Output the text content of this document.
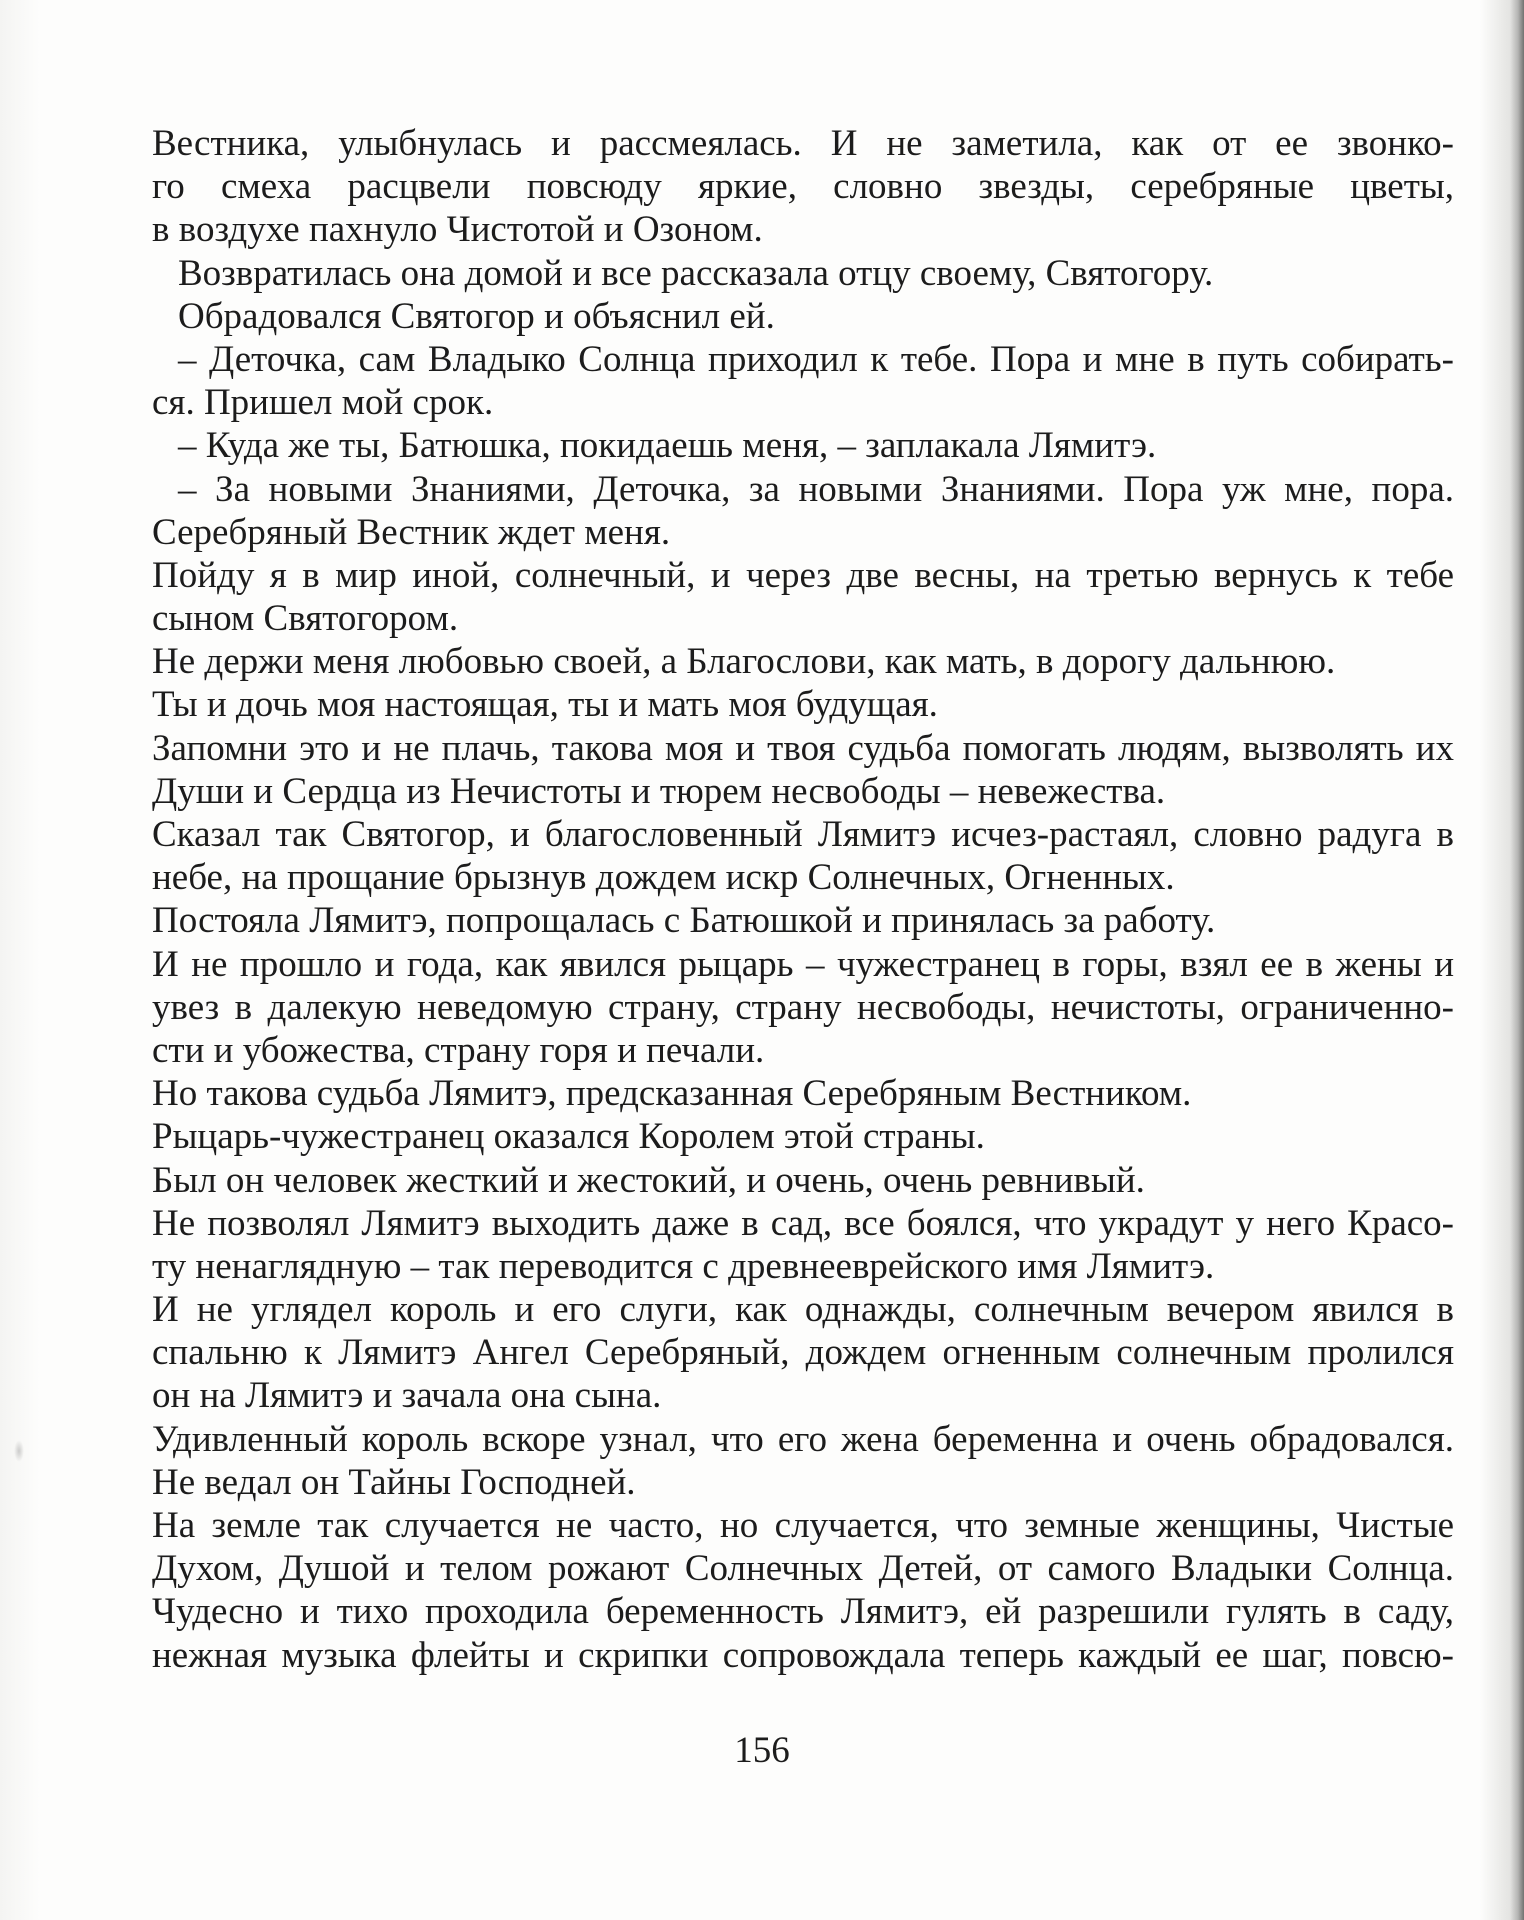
Вестника, улыбнулась и рассмеялась. И не заметила, как от ее звонко-
го смеха расцвели повсюду яркие, словно звезды, серебряные цветы,
в воздухе пахнуло Чистотой и Озоном.
Возвратилась она домой и все рассказала отцу своему, Святогору.
Обрадовался Святогор и объяснил ей.
– Деточка, сам Владыко Солнца приходил к тебе. Пора и мне в путь собирать-
ся. Пришел мой срок.
– Куда же ты, Батюшка, покидаешь меня, – заплакала Лямитэ.
– За новыми Знаниями, Деточка, за новыми Знаниями. Пора уж мне, пора.
Серебряный Вестник ждет меня.
Пойду я в мир иной, солнечный, и через две весны, на третью вернусь к тебе
сыном Святогором.
Не держи меня любовью своей, а Благослови, как мать, в дорогу дальнюю.
Ты и дочь моя настоящая, ты и мать моя будущая.
Запомни это и не плачь, такова моя и твоя судьба помогать людям, вызволять их
Души и Сердца из Нечистоты и тюрем несвободы – невежества.
Сказал так Святогор, и благословенный Лямитэ исчез-растаял, словно радуга в
небе, на прощание брызнув дождем искр Солнечных, Огненных.
Постояла Лямитэ, попрощалась с Батюшкой и принялась за работу.
И не прошло и года, как явился рыцарь – чужестранец в горы, взял ее в жены и
увез в далекую неведомую страну, страну несвободы, нечистоты, ограниченно-
сти и убожества, страну горя и печали.
Но такова судьба Лямитэ, предсказанная Серебряным Вестником.
Рыцарь-чужестранец оказался Королем этой страны.
Был он человек жесткий и жестокий, и очень, очень ревнивый.
Не позволял Лямитэ выходить даже в сад, все боялся, что украдут у него Красо-
ту ненаглядную – так переводится с древнееврейского имя Лямитэ.
И не углядел король и его слуги, как однажды, солнечным вечером явился в
спальню к Лямитэ Ангел Серебряный, дождем огненным солнечным пролился
он на Лямитэ и зачала она сына.
Удивленный король вскоре узнал, что его жена беременна и очень обрадовался.
Не ведал он Тайны Господней.
На земле так случается не часто, но случается, что земные женщины, Чистые
Духом, Душой и телом рожают Солнечных Детей, от самого Владыки Солнца.
Чудесно и тихо проходила беременность Лямитэ, ей разрешили гулять в саду,
нежная музыка флейты и скрипки сопровождала теперь каждый ее шаг, повсю-
156
